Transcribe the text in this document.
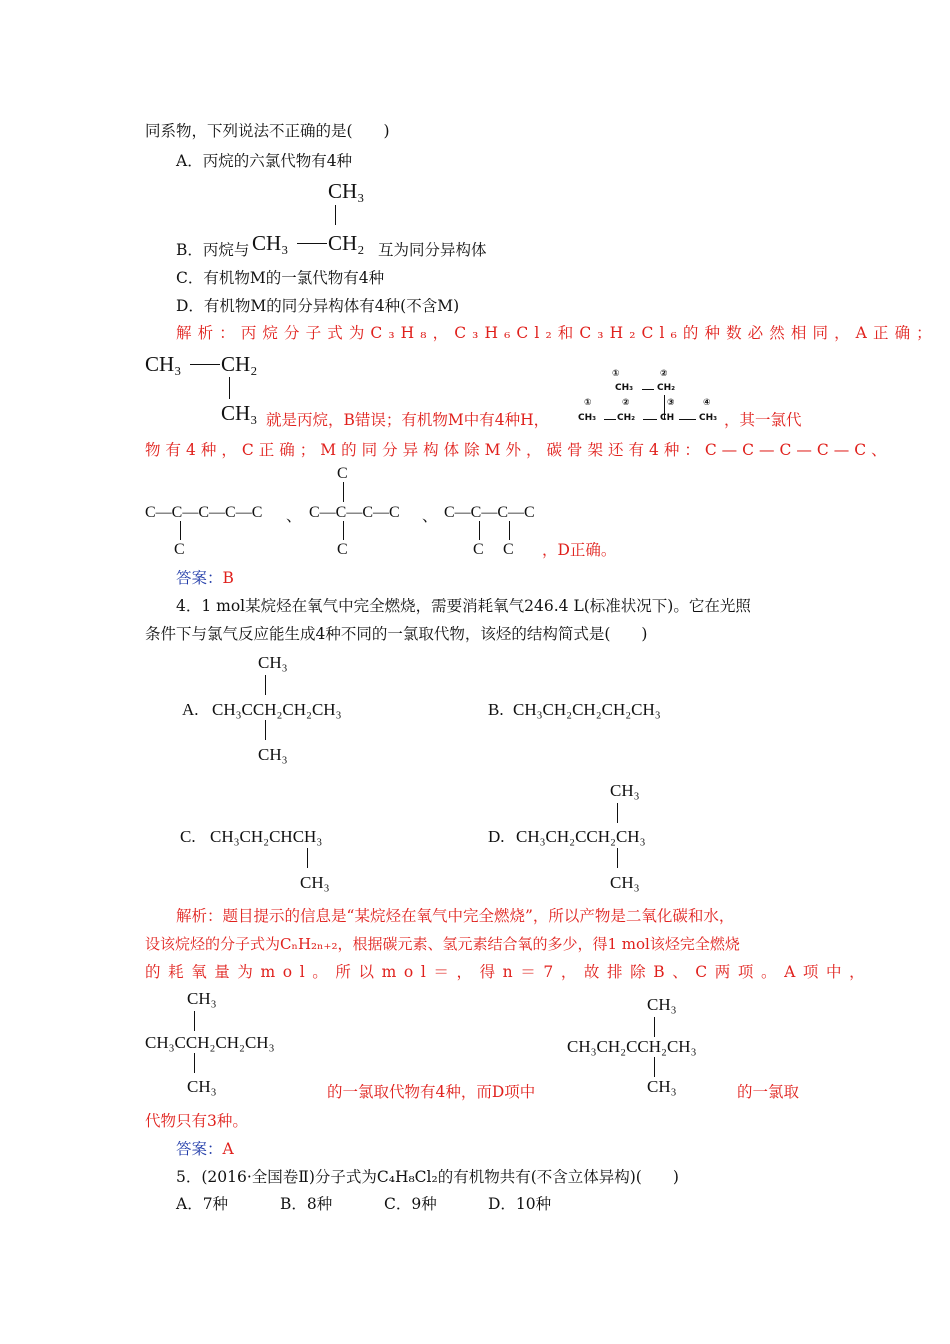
同系物，下列说法不正确的是(　　)
A．丙烷的六氯代物有4种
CH₃
B．丙烷与 CH₃ CH₂ 互为同分异构体
C．有机物M的一氯代物有4种
D．有机物M的同分异构体有4种(不含M)
解析：丙烷分子式为C₃H₈，C₃H₆Cl₂和C₃H₂Cl₆的种数必然相同，A正确；
CH₃ CH₂
CH₃ 就是丙烷，B错误；有机物M中有4种H，
①	②
CH₃	CH₂
①	②	③	④
CH₃ CH₂	CH	CH₃ ，其一氯代
物有4种，C正确；M的同分异构体除M外，碳骨架还有4种：C—C—C—C—C、
C—C—C—C—C
C
、
C
C—C—C—C
C
、 C—C—C—C
C C ，D正确。
答案：B
4．1 mol某烷烃在氧气中完全燃烧，需要消耗氧气246.4 L(标准状况下)。它在光照
条件下与氯气反应能生成4种不同的一氯取代物，该烃的结构简式是(　　)
CH₃
A. CH₃CCH₂CH₂CH₃
CH₃
B. CH₃CH₂CH₂CH₂CH₃
C. CH₃CH₂CHCH₃
CH₃
CH₃
D. CH₃CH₂CCH₂CH₃
CH₃
解析：题目提示的信息是“某烷烃在氧气中完全燃烧”，所以产物是二氧化碳和水，
设该烷烃的分子式为CₙH₂ₙ₊₂，根据碳元素、氢元素结合氧的多少，得1 mol该烃完全燃烧
的耗氧量为mol。所以mol＝，得n＝7，故排除B、C两项。A项中，
CH₃
CH₃CCH₂CH₂CH₃
CH₃
CH₃
CH₃CH₂CCH₂CH₃
CH₃
的一氯取代物有4种，而D项中	的一氯取
代物只有3种。
答案：A
5．(2016·全国卷Ⅱ)分子式为C₄H₈Cl₂的有机物共有(不含立体异构)(　　)
A．7种	B．8种	C．9种	D．10种
